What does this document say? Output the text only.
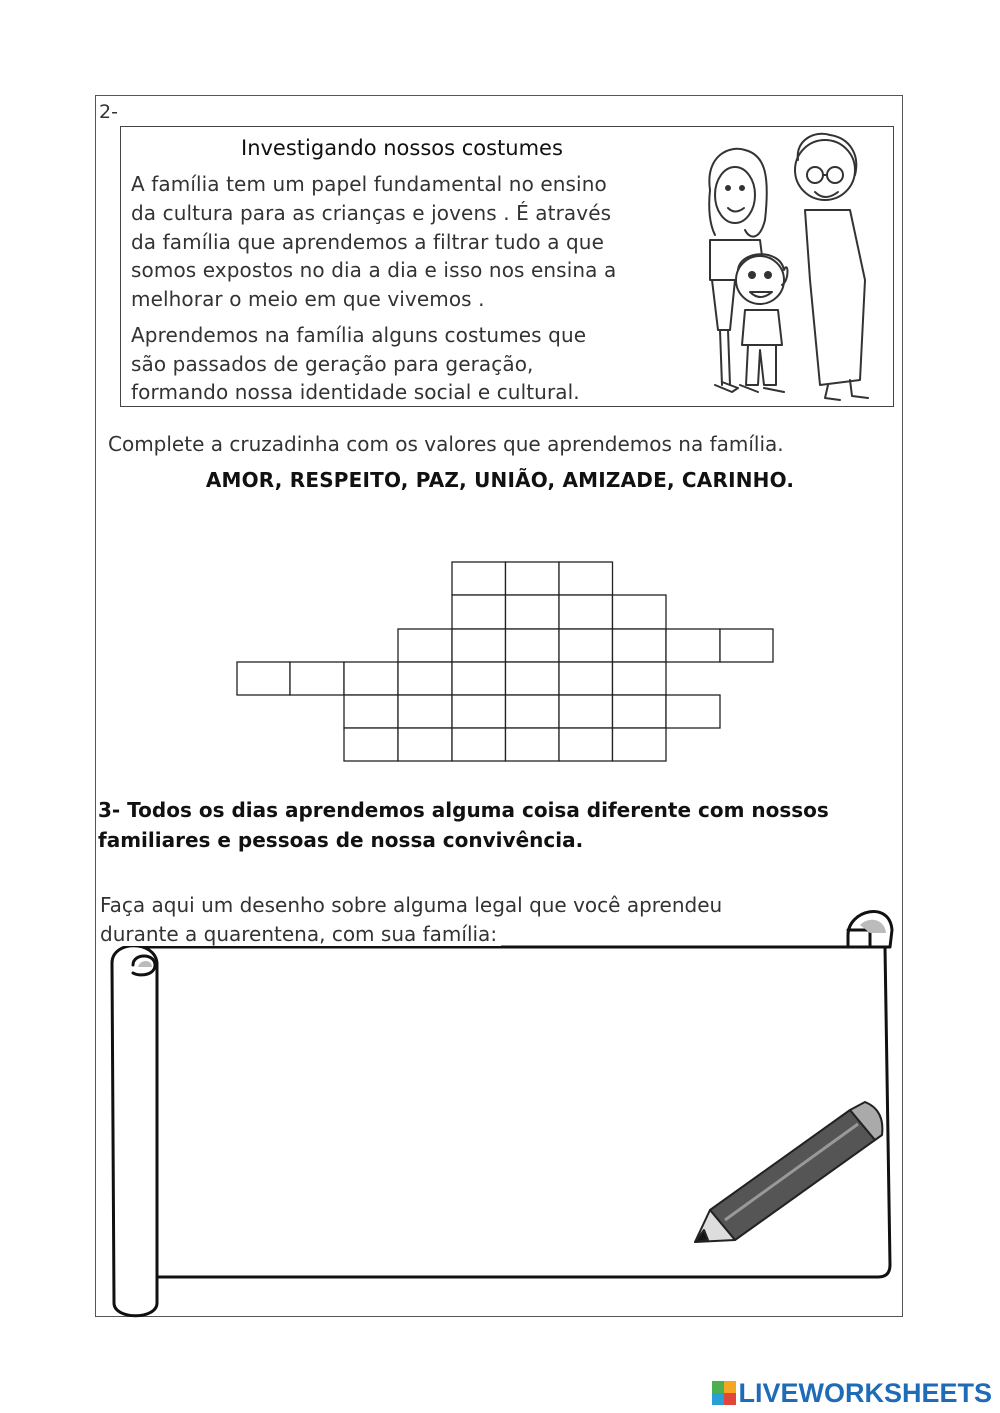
2-
Investigando nossos costumes
A família tem um papel fundamental no ensino
da cultura para as crianças e jovens . É através
da família que aprendemos a filtrar tudo a que
somos expostos no dia a dia e isso nos ensina a
melhorar o meio em que vivemos .
Aprendemos na família alguns costumes que
são passados de geração para geração,
formando nossa identidade social e cultural.
Complete a cruzadinha com os valores que aprendemos na família.
AMOR, RESPEITO, PAZ, UNIÃO, AMIZADE, CARINHO.
3- Todos os dias aprendemos alguma coisa diferente com nossos
familiares e pessoas de nossa convivência.
Faça aqui um desenho sobre alguma legal que você aprendeu
durante a quarentena, com sua família:
LIVEWORKSHEETS
